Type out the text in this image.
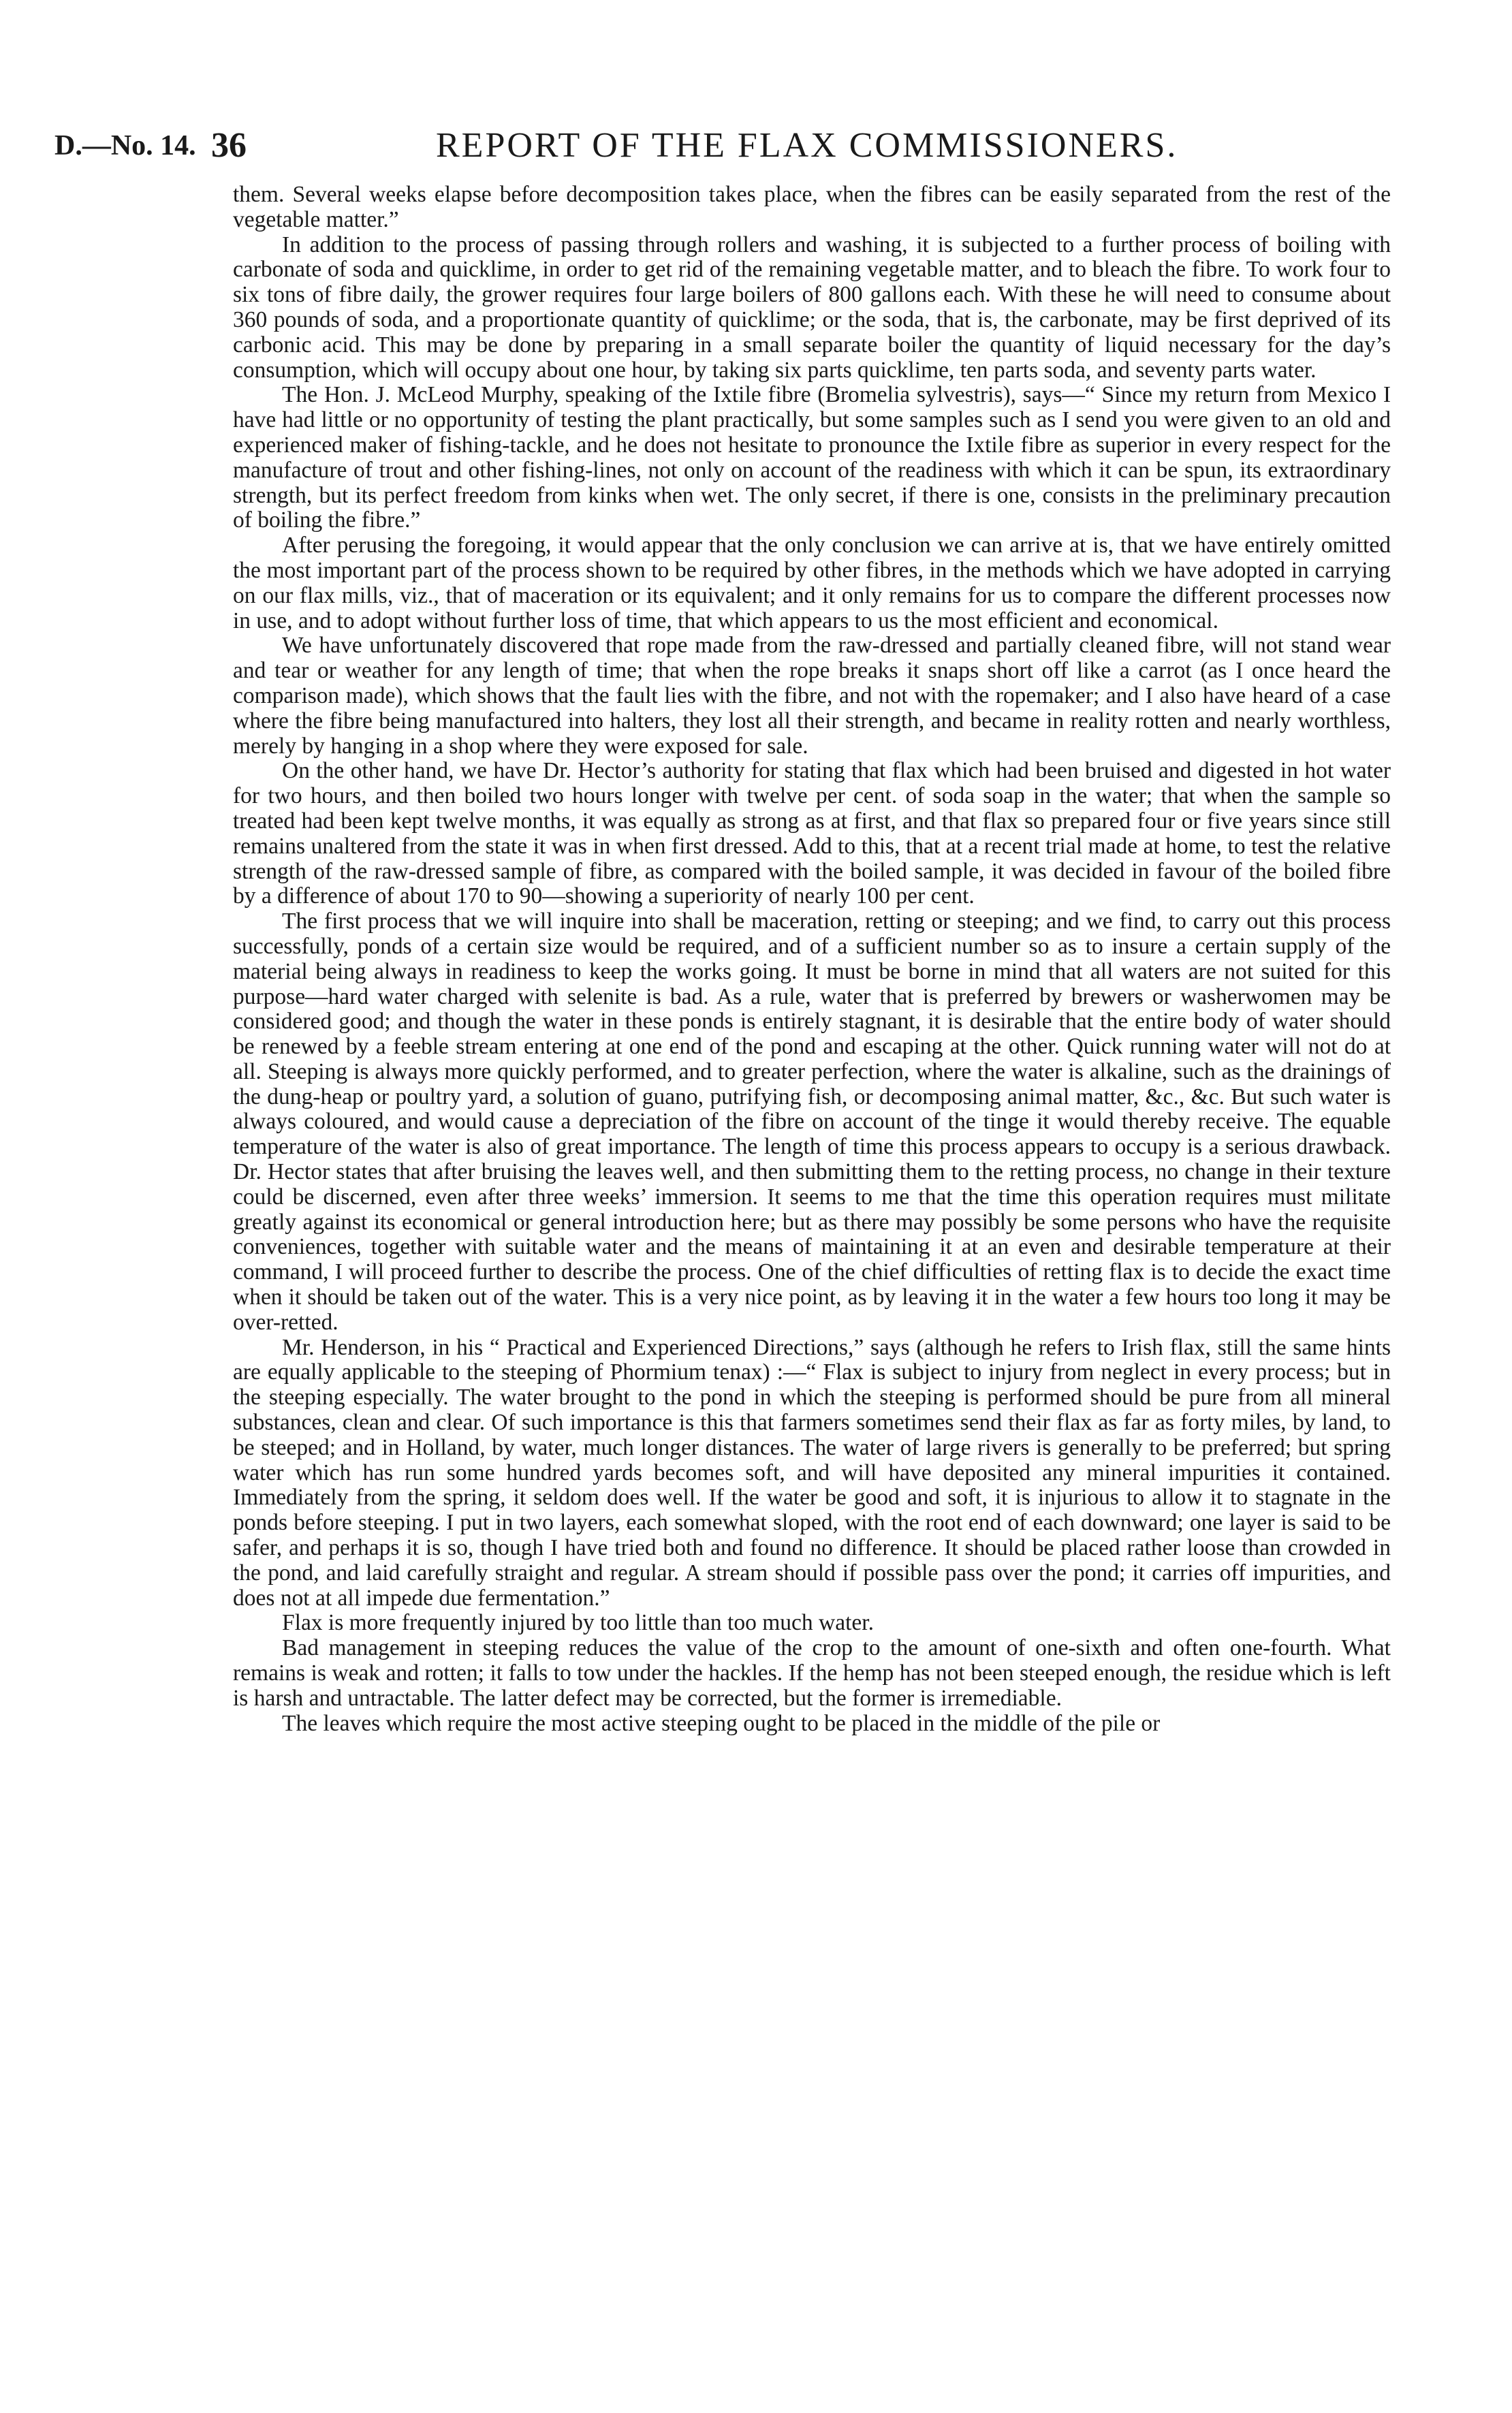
D.—No. 14. 36	REPORT OF THE FLAX COMMISSIONERS.

them. Several weeks elapse before decomposition takes place, when the fibres can be easily separated from the rest of the vegetable matter.”

In addition to the process of passing through rollers and washing, it is subjected to a further process of boiling with carbonate of soda and quicklime, in order to get rid of the remaining vegetable matter, and to bleach the fibre. To work four to six tons of fibre daily, the grower requires four large boilers of 800 gallons each. With these he will need to consume about 360 pounds of soda, and a proportionate quantity of quicklime; or the soda, that is, the carbonate, may be first deprived of its carbonic acid. This may be done by preparing in a small separate boiler the quantity of liquid necessary for the day’s consumption, which will occupy about one hour, by taking six parts quicklime, ten parts soda, and seventy parts water.

The Hon. J. McLeod Murphy, speaking of the Ixtile fibre (Bromelia sylvestris), says—“ Since my return from Mexico I have had little or no opportunity of testing the plant practically, but some samples such as I send you were given to an old and experienced maker of fishing-tackle, and he does not hesitate to pronounce the Ixtile fibre as superior in every respect for the manufacture of trout and other fishing-lines, not only on account of the readiness with which it can be spun, its extraordinary strength, but its perfect freedom from kinks when wet. The only secret, if there is one, consists in the preliminary precaution of boiling the fibre.”

After perusing the foregoing, it would appear that the only conclusion we can arrive at is, that we have entirely omitted the most important part of the process shown to be required by other fibres, in the methods which we have adopted in carrying on our flax mills, viz., that of maceration or its equivalent; and it only remains for us to compare the different processes now in use, and to adopt without further loss of time, that which appears to us the most efficient and economical.

We have unfortunately discovered that rope made from the raw-dressed and partially cleaned fibre, will not stand wear and tear or weather for any length of time; that when the rope breaks it snaps short off like a carrot (as I once heard the comparison made), which shows that the fault lies with the fibre, and not with the ropemaker; and I also have heard of a case where the fibre being manufactured into halters, they lost all their strength, and became in reality rotten and nearly worthless, merely by hanging in a shop where they were exposed for sale.

On the other hand, we have Dr. Hector’s authority for stating that flax which had been bruised and digested in hot water for two hours, and then boiled two hours longer with twelve per cent. of soda soap in the water; that when the sample so treated had been kept twelve months, it was equally as strong as at first, and that flax so prepared four or five years since still remains unaltered from the state it was in when first dressed. Add to this, that at a recent trial made at home, to test the relative strength of the raw-dressed sample of fibre, as compared with the boiled sample, it was decided in favour of the boiled fibre by a difference of about 170 to 90—showing a superiority of nearly 100 per cent.

The first process that we will inquire into shall be maceration, retting or steeping; and we find, to carry out this process successfully, ponds of a certain size would be required, and of a sufficient number so as to insure a certain supply of the material being always in readiness to keep the works going. It must be borne in mind that all waters are not suited for this purpose—hard water charged with selenite is bad. As a rule, water that is preferred by brewers or washerwomen may be considered good; and though the water in these ponds is entirely stagnant, it is desirable that the entire body of water should be renewed by a feeble stream entering at one end of the pond and escaping at the other. Quick running water will not do at all. Steeping is always more quickly performed, and to greater perfection, where the water is alkaline, such as the drainings of the dung-heap or poultry yard, a solution of guano, putrifying fish, or decomposing animal matter, &c., &c. But such water is always coloured, and would cause a depreciation of the fibre on account of the tinge it would thereby receive. The equable temperature of the water is also of great importance. The length of time this process appears to occupy is a serious drawback. Dr. Hector states that after bruising the leaves well, and then submitting them to the retting process, no change in their texture could be discerned, even after three weeks’ immersion. It seems to me that the time this operation requires must militate greatly against its economical or general introduction here; but as there may possibly be some persons who have the requisite conveniences, together with suitable water and the means of maintaining it at an even and desirable temperature at their command, I will proceed further to describe the process. One of the chief difficulties of retting flax is to decide the exact time when it should be taken out of the water. This is a very nice point, as by leaving it in the water a few hours too long it may be over-retted.

Mr. Henderson, in his “ Practical and Experienced Directions,” says (although he refers to Irish flax, still the same hints are equally applicable to the steeping of Phormium tenax) :—“ Flax is subject to injury from neglect in every process; but in the steeping especially. The water brought to the pond in which the steeping is performed should be pure from all mineral substances, clean and clear. Of such importance is this that farmers sometimes send their flax as far as forty miles, by land, to be steeped; and in Holland, by water, much longer distances. The water of large rivers is generally to be preferred; but spring water which has run some hundred yards becomes soft, and will have deposited any mineral impurities it contained. Immediately from the spring, it seldom does well. If the water be good and soft, it is injurious to allow it to stagnate in the ponds before steeping. I put in two layers, each somewhat sloped, with the root end of each downward; one layer is said to be safer, and perhaps it is so, though I have tried both and found no difference. It should be placed rather loose than crowded in the pond, and laid carefully straight and regular. A stream should if possible pass over the pond; it carries off impurities, and does not at all impede due fermentation.”

Flax is more frequently injured by too little than too much water.

Bad management in steeping reduces the value of the crop to the amount of one-sixth and often one-fourth. What remains is weak and rotten; it falls to tow under the hackles. If the hemp has not been steeped enough, the residue which is left is harsh and untractable. The latter defect may be corrected, but the former is irremediable.

The leaves which require the most active steeping ought to be placed in the middle of the pile or
